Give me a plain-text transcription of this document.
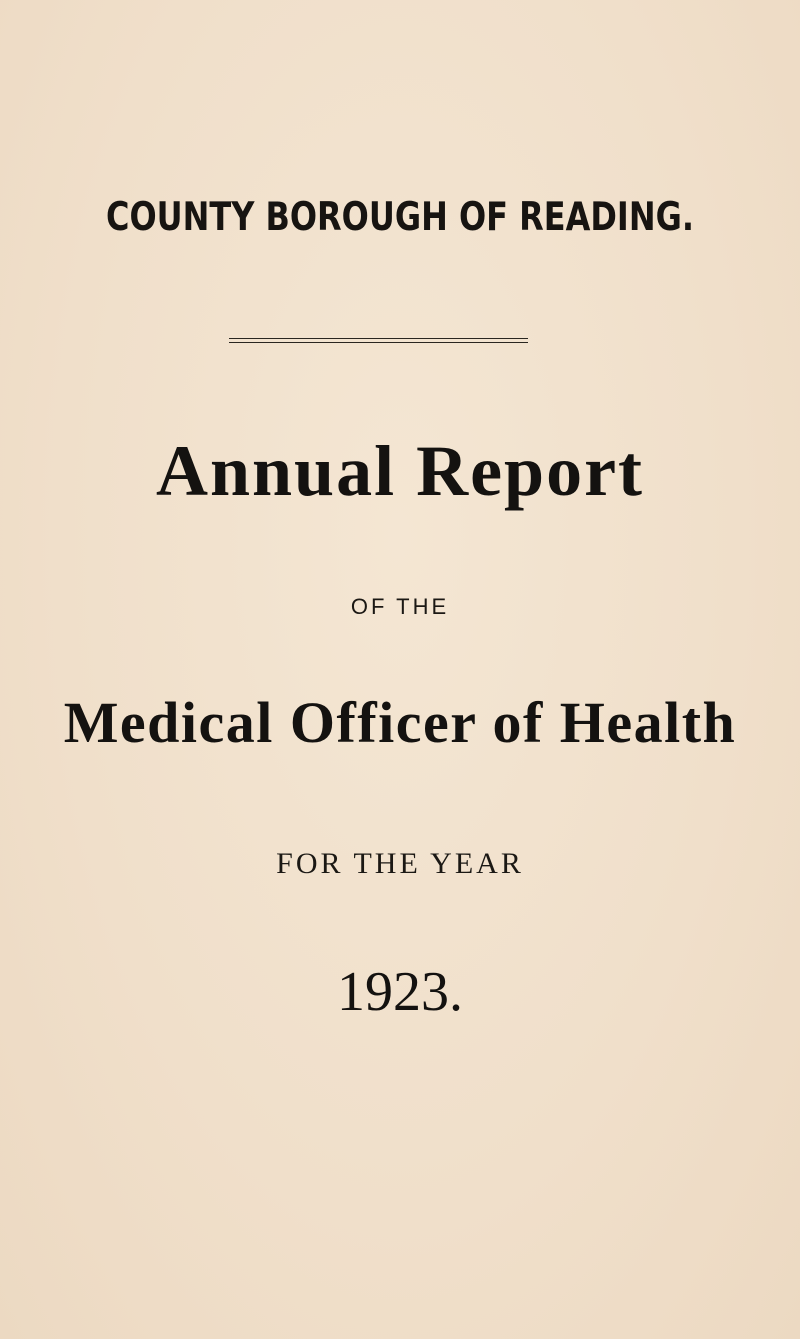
COUNTY BOROUGH OF READING.
Annual Report

OF THE

Medical Officer of Health

FOR THE YEAR

1923.
